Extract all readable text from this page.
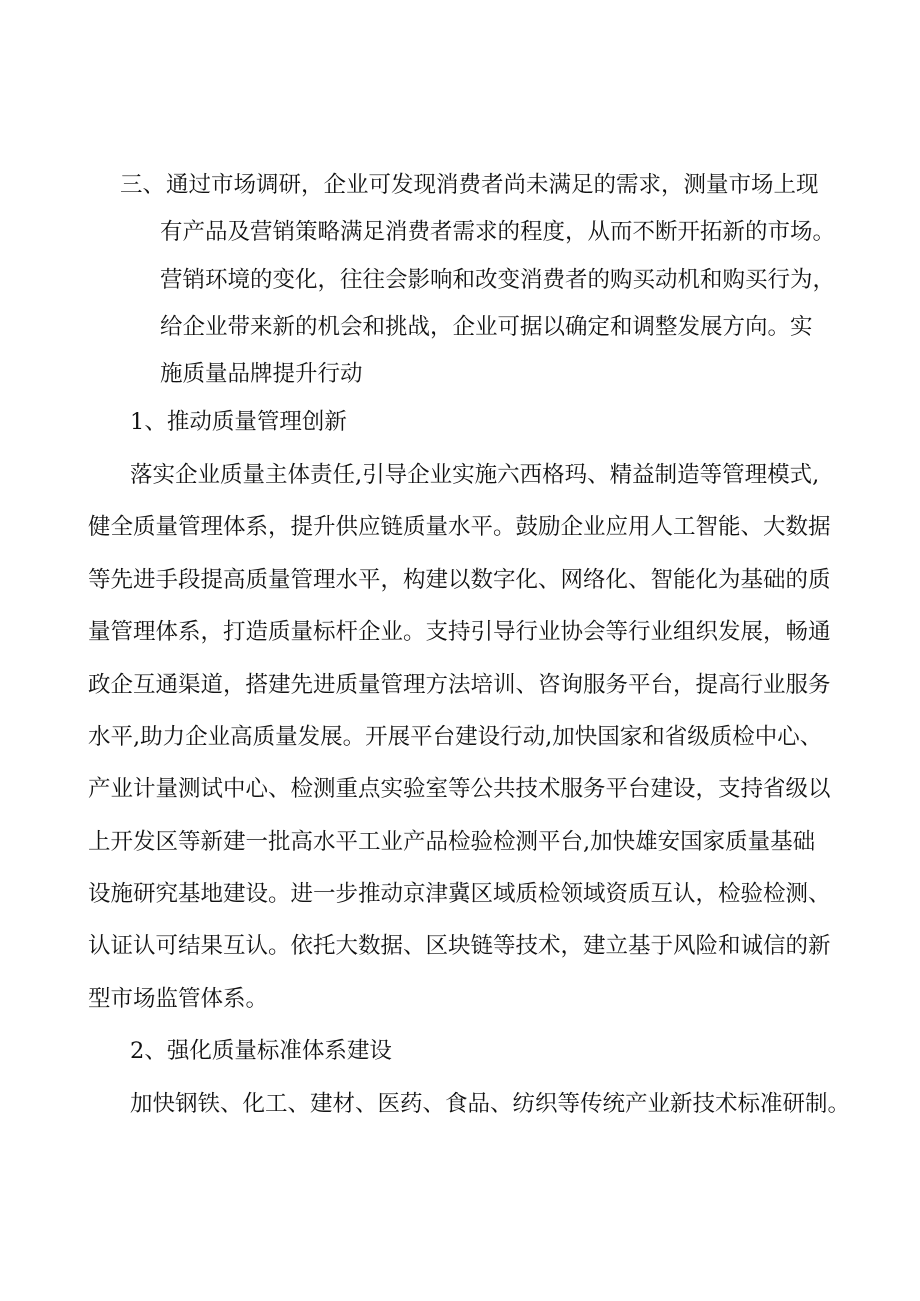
三、 通过市场调研，企业可发现消费者尚未满足的需求，测量市场上现

有产品及营销策略满足消费者需求的程度，从而不断开拓新的市场。

营销环境的变化，往往会影响和改变消费者的购买动机和购买行为，

给企业带来新的机会和挑战，企业可据以确定和调整发展方向。实

施质量品牌提升行动

1、推动质量管理创新

落实企业质量主体责任,引导企业实施六西格玛、精益制造等管理模式,

健全质量管理体系，提升供应链质量水平。鼓励企业应用人工智能、大数据

等先进手段提高质量管理水平，构建以数字化、网络化、智能化为基础的质

量管理体系，打造质量标杆企业。支持引导行业协会等行业组织发展，畅通

政企互通渠道，搭建先进质量管理方法培训、咨询服务平台，提高行业服务

水平,助力企业高质量发展。开展平台建设行动,加快国家和省级质检中心、

产业计量测试中心、检测重点实验室等公共技术服务平台建设，支持省级以

上开发区等新建一批高水平工业产品检验检测平台,加快雄安国家质量基础

设施研究基地建设。进一步推动京津冀区域质检领域资质互认，检验检测、

认证认可结果互认。依托大数据、区块链等技术，建立基于风险和诚信的新

型市场监管体系。

2、强化质量标准体系建设

加快钢铁、化工、建材、医药、食品、纺织等传统产业新技术标准研制。
